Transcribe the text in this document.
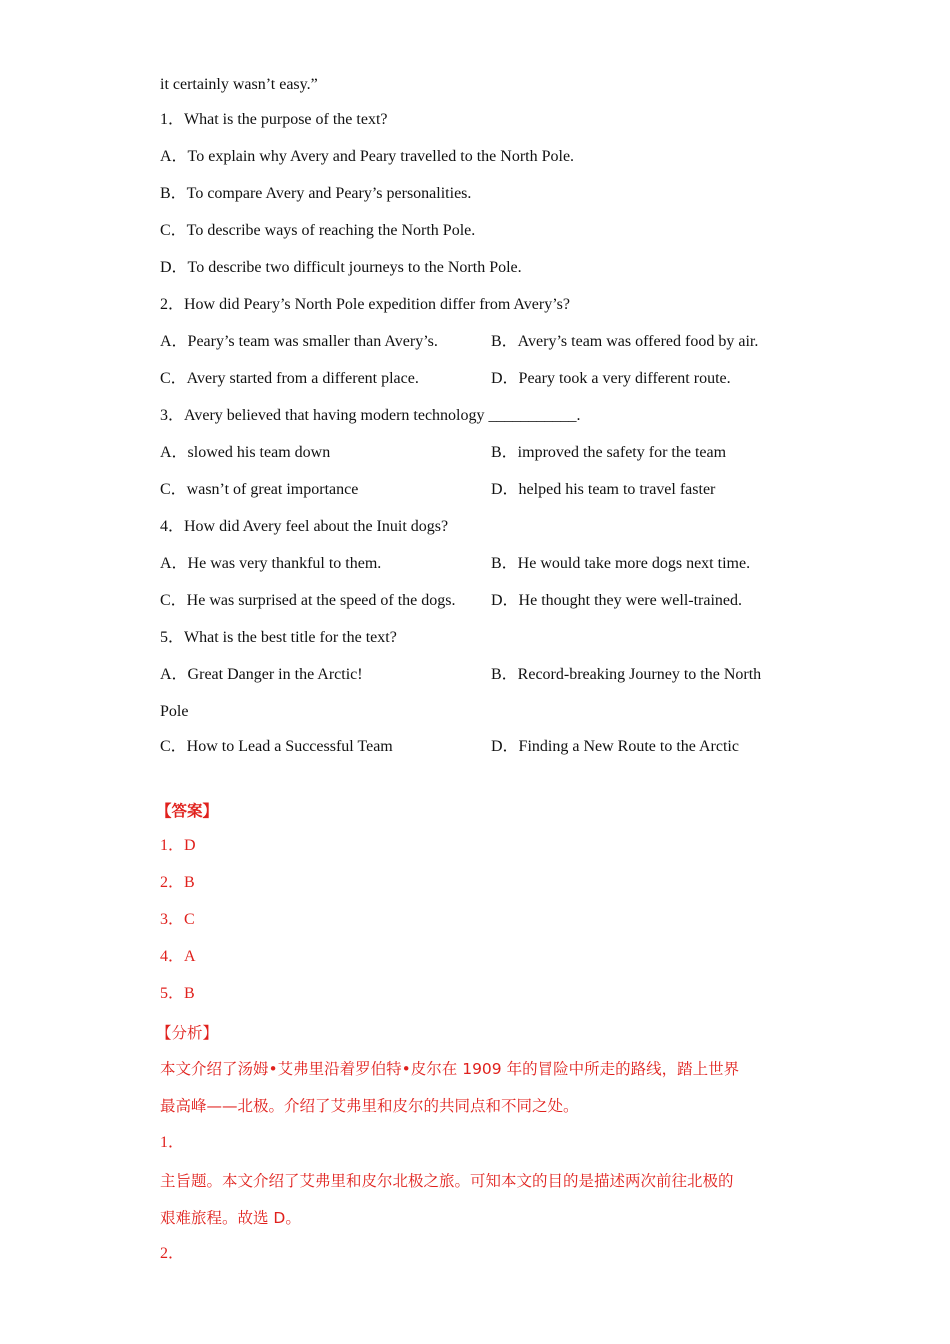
it certainly wasn’t easy.”
1．What is the purpose of the text?
A．To explain why Avery and Peary travelled to the North Pole.
B．To compare Avery and Peary’s personalities.
C．To describe ways of reaching the North Pole.
D．To describe two difficult journeys to the North Pole.
2．How did Peary’s North Pole expedition differ from Avery’s?
A．Peary’s team was smaller than Avery’s.	B．Avery’s team was offered food by air.
C．Avery started from a different place.	D．Peary took a very different route.
3．Avery believed that having modern technology ___________.
A．slowed his team down	B．improved the safety for the team
C．wasn’t of great importance	D．helped his team to travel faster
4．How did Avery feel about the Inuit dogs?
A．He was very thankful to them.	B．He would take more dogs next time.
C．He was surprised at the speed of the dogs. D．He thought they were well-trained.
5．What is the best title for the text?
A．Great Danger in the Arctic!	B．Record-breaking Journey to the North
Pole
C．How to Lead a Successful Team	D．Finding a New Route to the Arctic
【答案】
1．D
2．B
3．C
4．A
5．B
【分析】
本文介绍了汤姆•艾弗里沿着罗伯特•皮尔在 1909 年的冒险中所走的路线，踏上世界
最高峰——北极。介绍了艾弗里和皮尔的共同点和不同之处。
1．
主旨题。本文介绍了艾弗里和皮尔北极之旅。可知本文的目的是描述两次前往北极的
艰难旅程。故选 D。
2．
